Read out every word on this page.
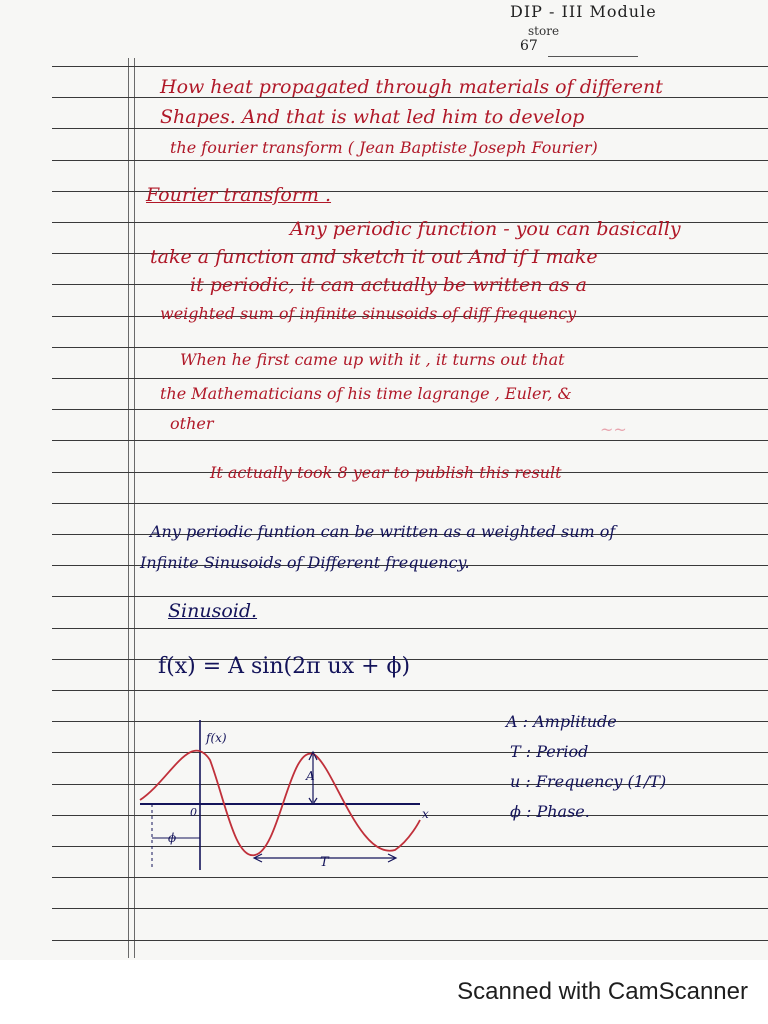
DIP - III Module
store
67
How heat propagated through materials of different
Shapes. And that is what led him to develop
the fourier transform ( Jean Baptiste Joseph Fourier)
Fourier transform .
Any periodic function - you can basically
take a function and sketch it out And if I make
it periodic, it can actually be written as a
weighted sum of infinite sinusoids of diff frequency
When he first came up with it , it turns out that
the Mathematicians of his time lagrange , Euler, &
other
It actually took 8 year to publish this result
Any periodic funtion can be written as a weighted sum of
Infinite Sinusoids of Different frequency.
Sinusoid.
f(x) = A sin(2π ux + ϕ)
A : Amplitude
T : Period
u : Frequency (1/T)
ϕ : Phase.
f(x)
x
0
A
T
ϕ
~~
Scanned with CamScanner
